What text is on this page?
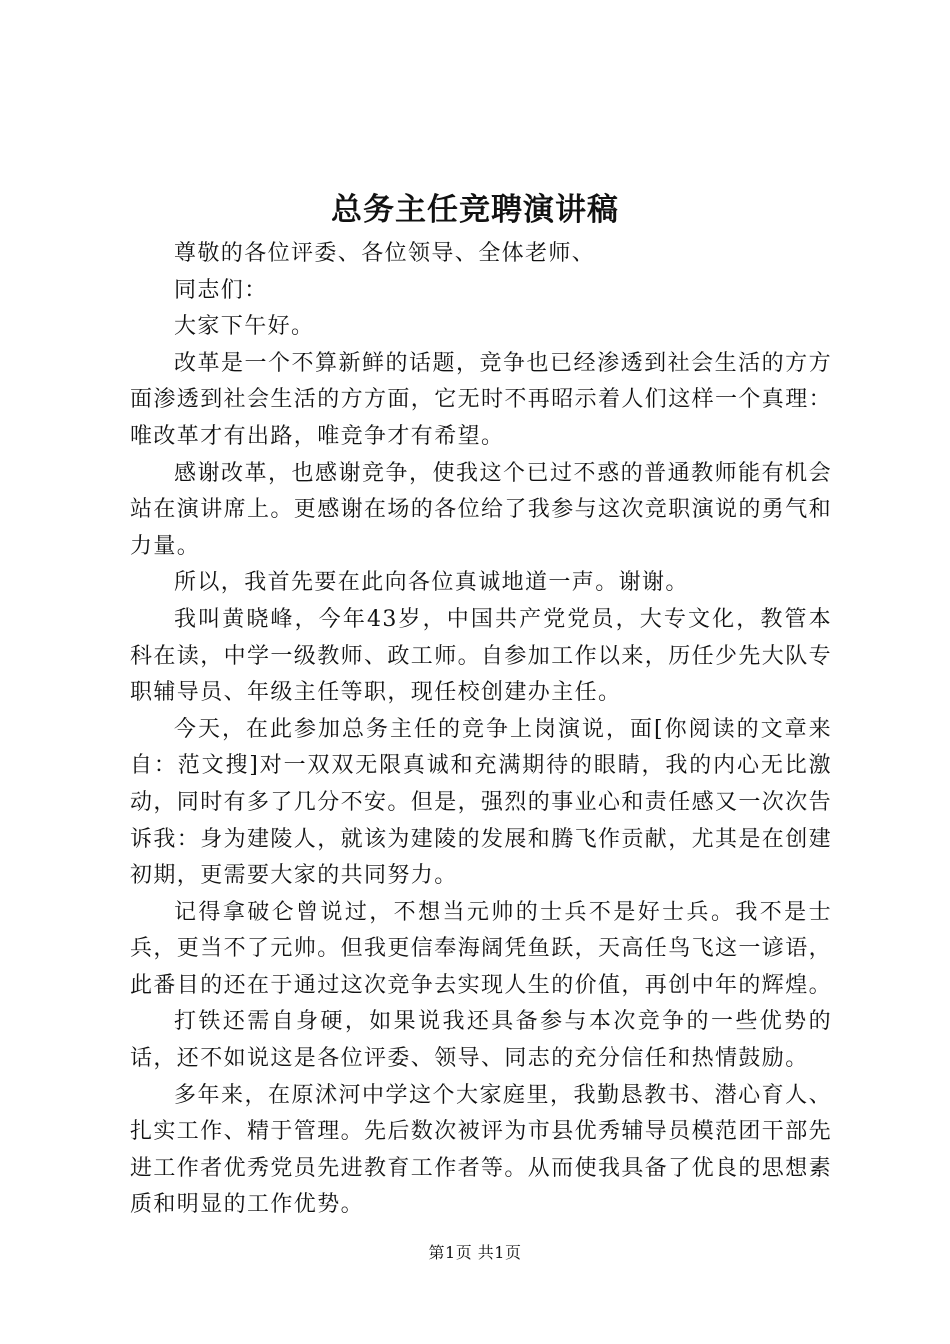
总务主任竞聘演讲稿

尊敬的各位评委、各位领导、全体老师、

同志们：

大家下午好。

改革是一个不算新鲜的话题，竞争也已经渗透到社会生活的方方面渗透到社会生活的方方面，它无时不再昭示着人们这样一个真理：唯改革才有出路，唯竞争才有希望。

感谢改革，也感谢竞争，使我这个已过不惑的普通教师能有机会站在演讲席上。更感谢在场的各位给了我参与这次竞职演说的勇气和力量。

所以，我首先要在此向各位真诚地道一声。谢谢。

我叫黄晓峰，今年43岁，中国共产党党员，大专文化，教管本科在读，中学一级教师、政工师。自参加工作以来，历任少先大队专职辅导员、年级主任等职，现任校创建办主任。

今天，在此参加总务主任的竞争上岗演说，面[你阅读的文章来自：范文搜]对一双双无限真诚和充满期待的眼睛，我的内心无比激动，同时有多了几分不安。但是，强烈的事业心和责任感又一次次告诉我：身为建陵人，就该为建陵的发展和腾飞作贡献，尤其是在创建初期，更需要大家的共同努力。

记得拿破仑曾说过，不想当元帅的士兵不是好士兵。我不是士兵，更当不了元帅。但我更信奉海阔凭鱼跃，天高任鸟飞这一谚语，此番目的还在于通过这次竞争去实现人生的价值，再创中年的辉煌。

打铁还需自身硬，如果说我还具备参与本次竞争的一些优势的话，还不如说这是各位评委、领导、同志的充分信任和热情鼓励。

多年来，在原沭河中学这个大家庭里，我勤恳教书、潜心育人、扎实工作、精于管理。先后数次被评为市县优秀辅导员模范团干部先进工作者优秀党员先进教育工作者等。从而使我具备了优良的思想素质和明显的工作优势。

第1页 共1页
